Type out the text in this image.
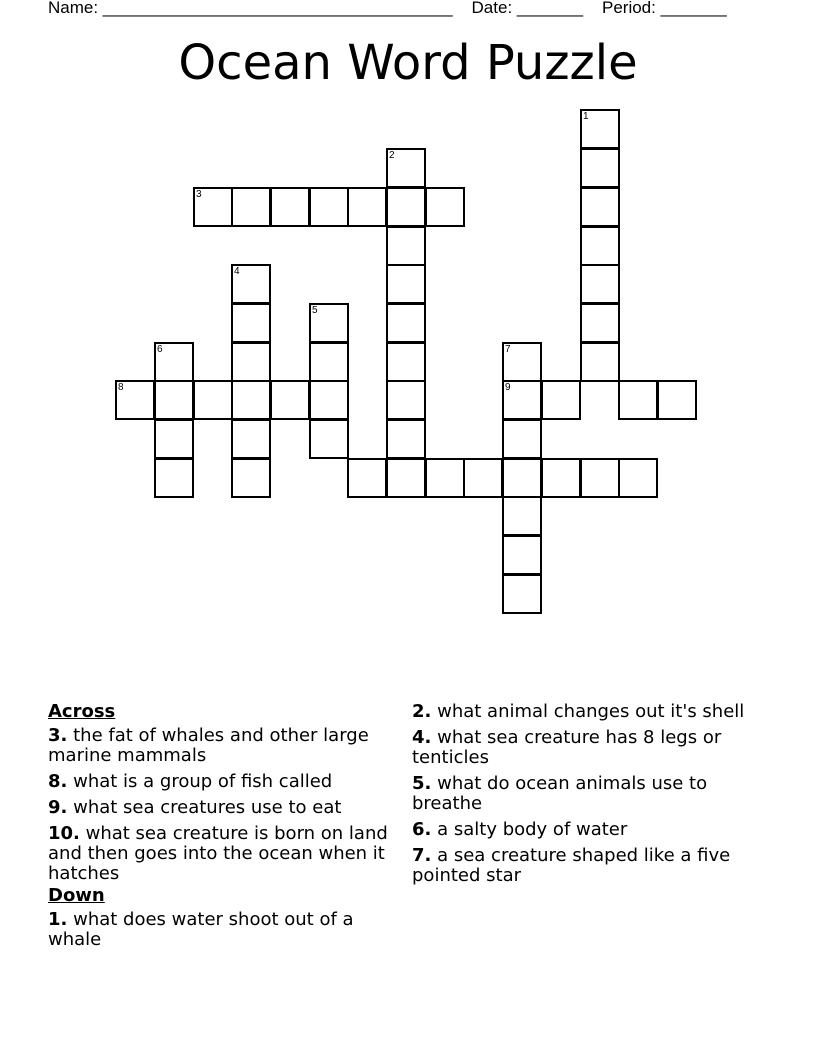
Name: _____________________________________ Date: _______ Period: _______
Ocean Word Puzzle
1
2
3
4
5
6	7
9
8
Across
3. the fat of whales and other large marine mammals
8. what is a group of fish called
9. what sea creatures use to eat
10. what sea creature is born on land and then goes into the ocean when it hatches
Down
1. what does water shoot out of a whale
2. what animal changes out it's shell
4. what sea creature has 8 legs or tenticles
5. what do ocean animals use to breathe
6. a salty body of water
7. a sea creature shaped like a five pointed star
